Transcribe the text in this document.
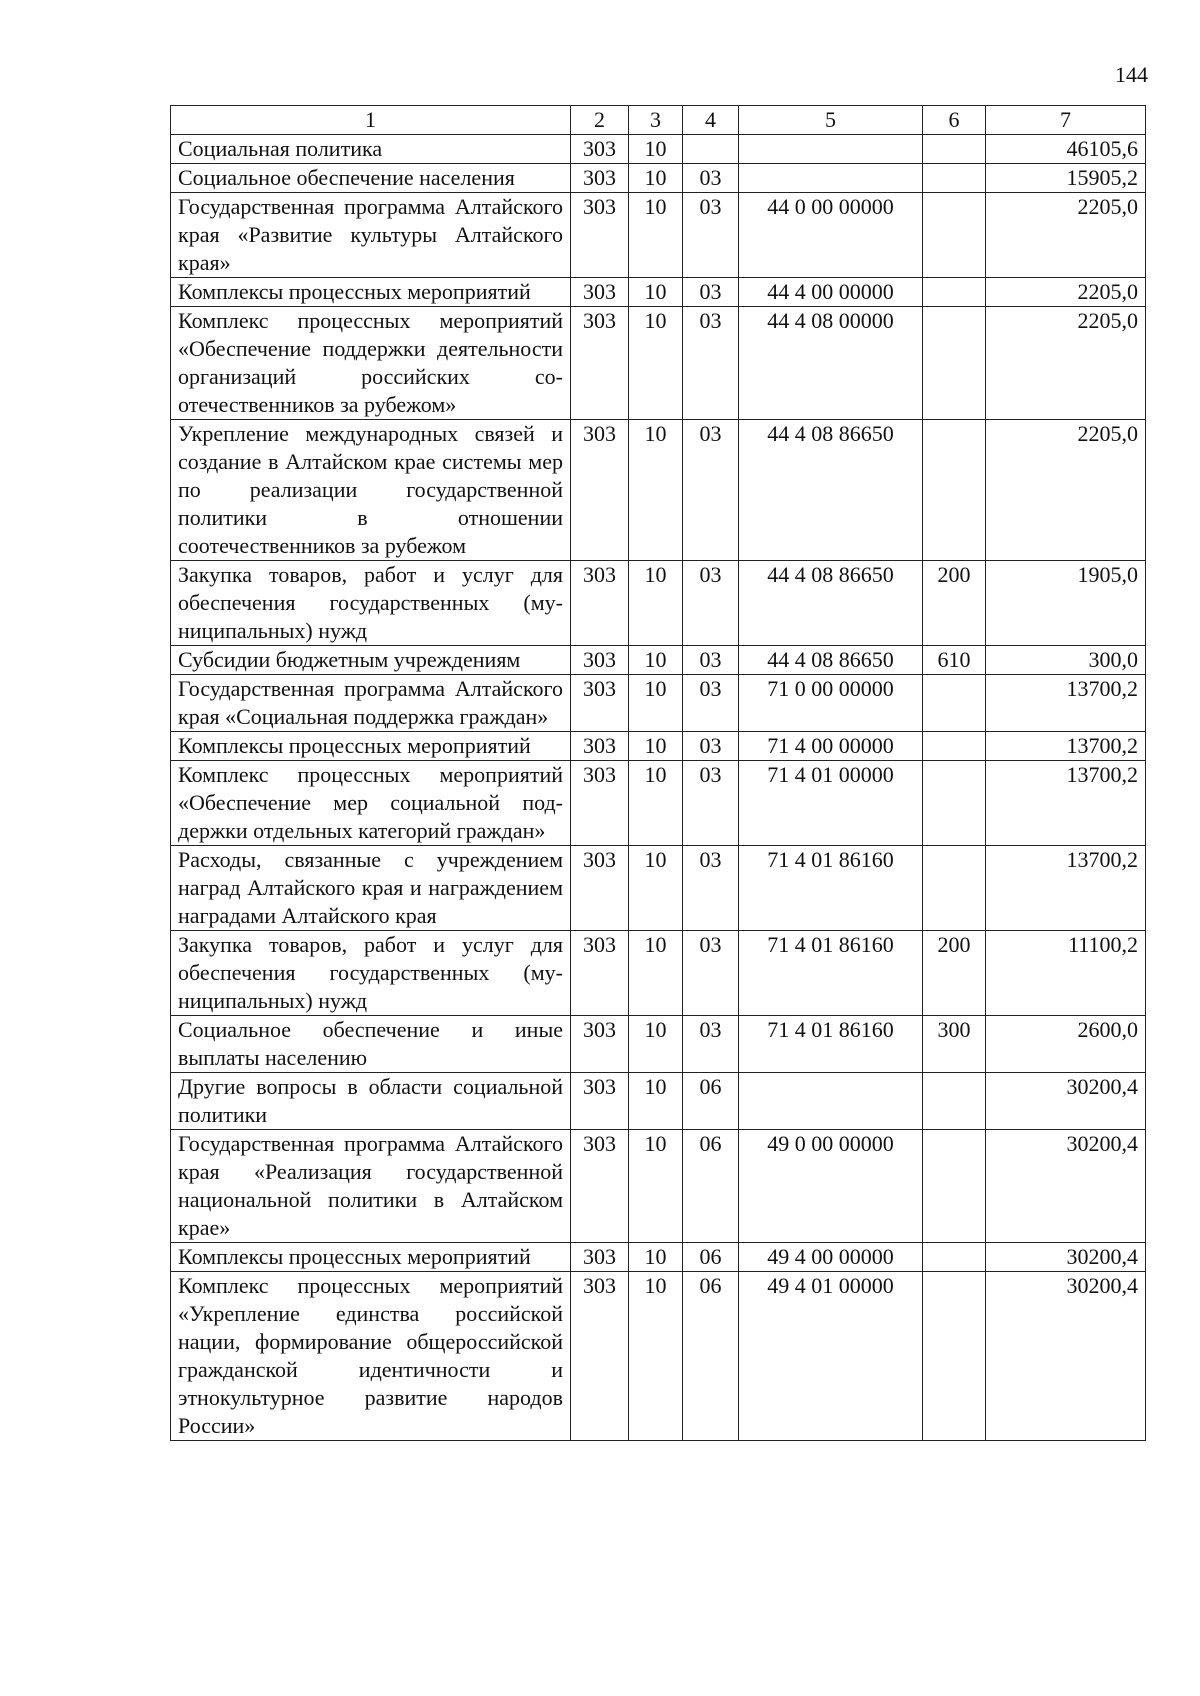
144
1	2	3	4	5	6	7
Социальная политика	303	10				46105,6
Социальное обеспечение населения	303	10	03			15905,2
Государственная программа Алтайского края «Развитие культуры Алтайского края»	303	10	03	44 0 00 00000		2205,0
Комплексы процессных мероприятий	303	10	03	44 4 00 00000		2205,0
Комплекс процессных мероприятий «Обеспечение поддержки деятельности организаций российских соотечественников за рубежом»	303	10	03	44 4 08 00000		2205,0
Укрепление международных связей и создание в Алтайском крае системы мер по реализации государственной политики в отношении соотечественников за рубежом	303	10	03	44 4 08 86650		2205,0
Закупка товаров, работ и услуг для обеспечения государственных (муниципальных) нужд	303	10	03	44 4 08 86650	200	1905,0
Субсидии бюджетным учреждениям	303	10	03	44 4 08 86650	610	300,0
Государственная программа Алтайского края «Социальная поддержка граждан»	303	10	03	71 0 00 00000		13700,2
Комплексы процессных мероприятий	303	10	03	71 4 00 00000		13700,2
Комплекс процессных мероприятий «Обеспечение мер социальной поддержки отдельных категорий граждан»	303	10	03	71 4 01 00000		13700,2
Расходы, связанные с учреждением наград Алтайского края и награждением наградами Алтайского края	303	10	03	71 4 01 86160		13700,2
Закупка товаров, работ и услуг для обеспечения государственных (муниципальных) нужд	303	10	03	71 4 01 86160	200	11100,2
Социальное обеспечение и иные выплаты населению	303	10	03	71 4 01 86160	300	2600,0
Другие вопросы в области социальной политики	303	10	06			30200,4
Государственная программа Алтайского края «Реализация государственной национальной политики в Алтайском крае»	303	10	06	49 0 00 00000		30200,4
Комплексы процессных мероприятий	303	10	06	49 4 00 00000		30200,4
Комплекс процессных мероприятий «Укрепление единства российской нации, формирование общероссийской гражданской идентичности и этнокультурное развитие народов России»	303	10	06	49 4 01 00000		30200,4
